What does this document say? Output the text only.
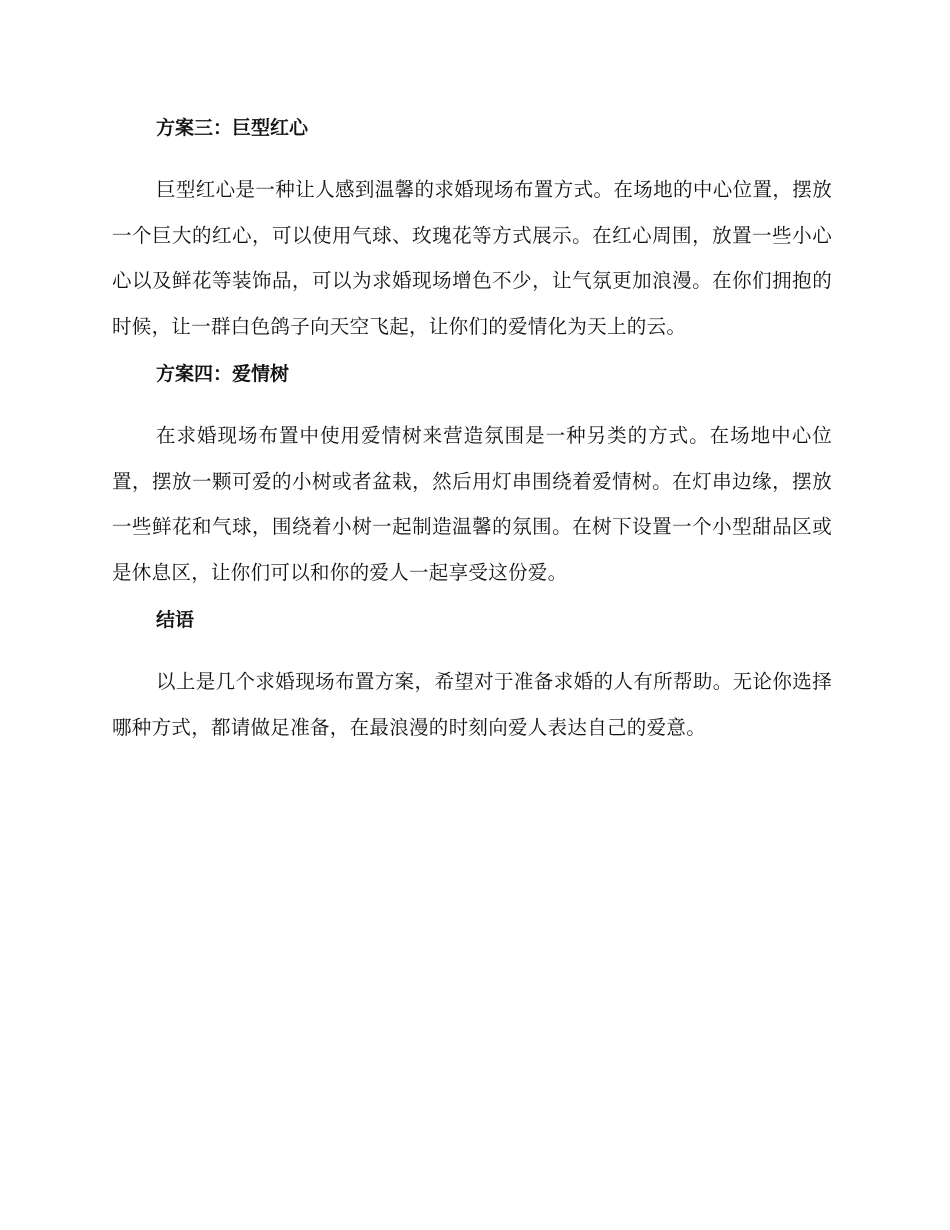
方案三：巨型红心

巨型红心是一种让人感到温馨的求婚现场布置方式。在场地的中心位置，摆放一个巨大的红心，可以使用气球、玫瑰花等方式展示。在红心周围，放置一些小心心以及鲜花等装饰品，可以为求婚现场增色不少，让气氛更加浪漫。在你们拥抱的时候，让一群白色鸽子向天空飞起，让你们的爱情化为天上的云。

方案四：爱情树

在求婚现场布置中使用爱情树来营造氛围是一种另类的方式。在场地中心位置，摆放一颗可爱的小树或者盆栽，然后用灯串围绕着爱情树。在灯串边缘，摆放一些鲜花和气球，围绕着小树一起制造温馨的氛围。在树下设置一个小型甜品区或是休息区，让你们可以和你的爱人一起享受这份爱。

结语

以上是几个求婚现场布置方案，希望对于准备求婚的人有所帮助。无论你选择哪种方式，都请做足准备，在最浪漫的时刻向爱人表达自己的爱意。
